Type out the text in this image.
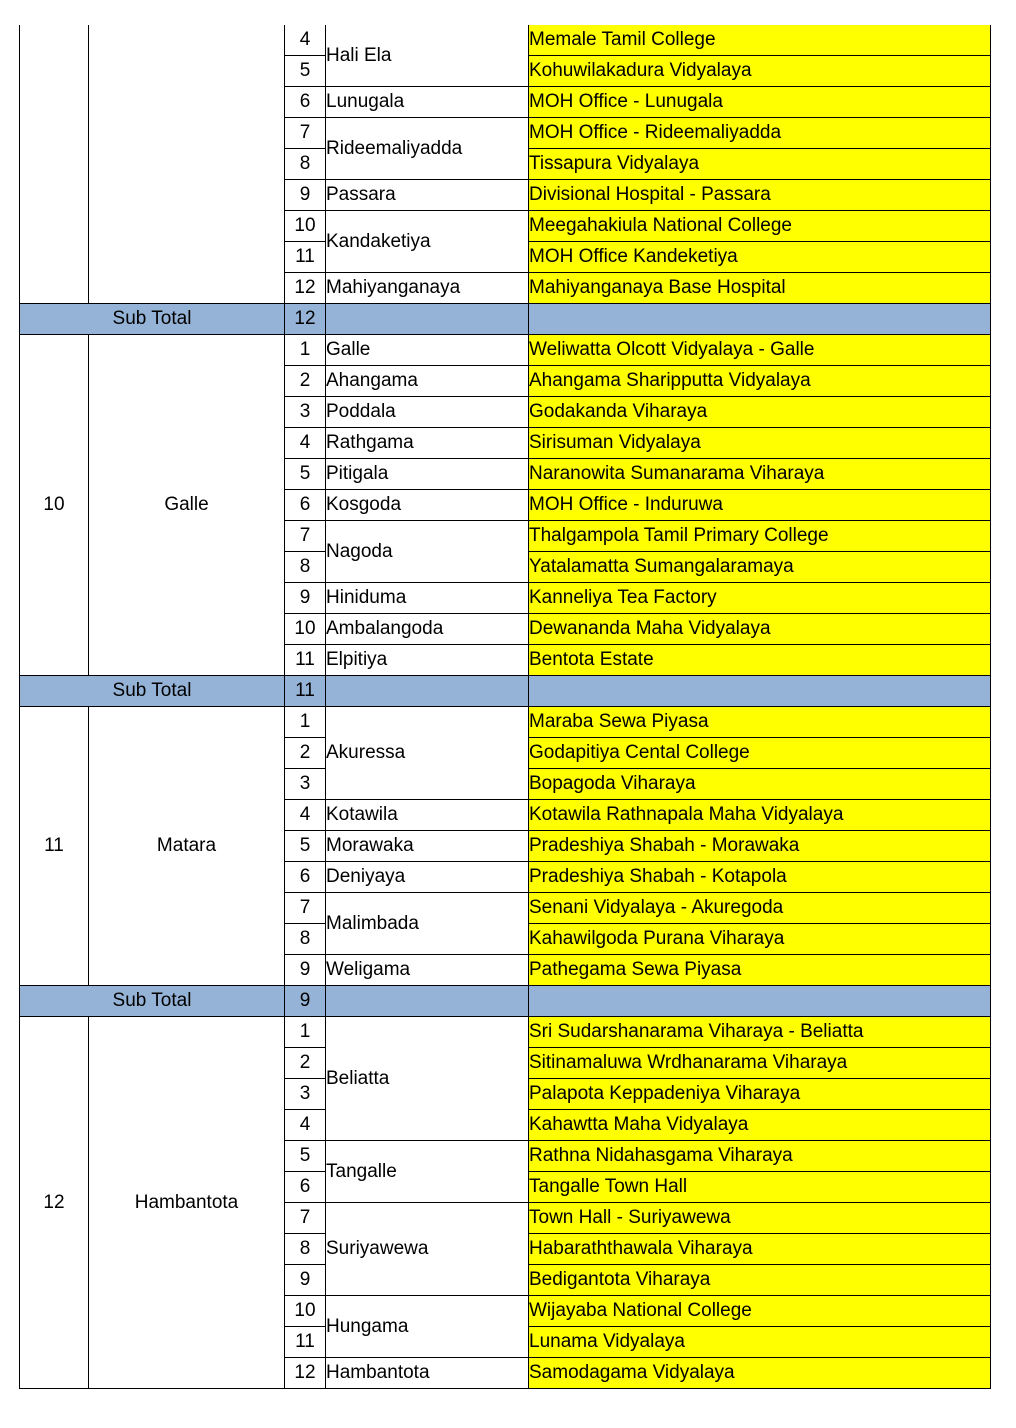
		4	Hali Ela	Memale Tamil College
		5		Kohuwilakadura Vidyalaya
		6	Lunugala	MOH Office - Lunugala
		7	Rideemaliyadda	MOH Office - Rideemaliyadda
		8		Tissapura Vidyalaya
		9	Passara	Divisional Hospital - Passara
		10	Kandaketiya	Meegahakiula National College
		11		MOH Office Kandeketiya
		12	Mahiyanganaya	Mahiyanganaya Base Hospital
Sub Total		12		
10	Galle	1	Galle	Weliwatta Olcott Vidyalaya - Galle
		2	Ahangama	Ahangama Sharipputta Vidyalaya
		3	Poddala	Godakanda Viharaya
		4	Rathgama	Sirisuman Vidyalaya
		5	Pitigala	Naranowita Sumanarama Viharaya
		6	Kosgoda	MOH Office - Induruwa
		7	Nagoda	Thalgampola Tamil Primary College
		8		Yatalamatta Sumangalaramaya
		9	Hiniduma	Kanneliya Tea Factory
		10	Ambalangoda	Dewananda Maha Vidyalaya
		11	Elpitiya	Bentota Estate
Sub Total		11		
11	Matara	1	Akuressa	Maraba Sewa Piyasa
		2		Godapitiya Cental College
		3		Bopagoda Viharaya
		4	Kotawila	Kotawila Rathnapala Maha Vidyalaya
		5	Morawaka	Pradeshiya Shabah - Morawaka
		6	Deniyaya	Pradeshiya Shabah - Kotapola
		7	Malimbada	Senani Vidyalaya - Akuregoda
		8		Kahawilgoda Purana Viharaya
		9	Weligama	Pathegama Sewa Piyasa
Sub Total		9		
12	Hambantota	1	Beliatta	Sri Sudarshanarama Viharaya - Beliatta
		2		Sitinamaluwa Wrdhanarama Viharaya
		3		Palapota Keppadeniya Viharaya
		4		Kahawtta Maha Vidyalaya
		5	Tangalle	Rathna Nidahasgama Viharaya
		6		Tangalle Town Hall
		7	Suriyawewa	Town Hall - Suriyawewa
		8		Habaraththawala Viharaya
		9		Bedigantota Viharaya
		10	Hungama	Wijayaba National College
		11		Lunama Vidyalaya
		12	Hambantota	Samodagama Vidyalaya
